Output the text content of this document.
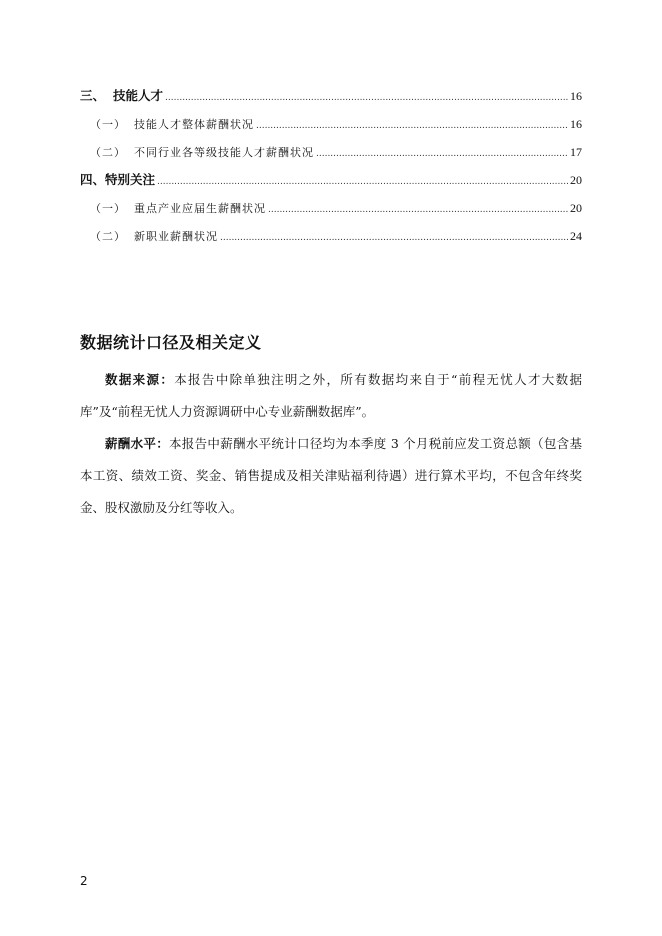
三、 技能人才 .....	16
（一） 技能人才整体薪酬状况 .....	16
（二） 不同行业各等级技能人才薪酬状况 .....	17
四、特别关注 .....	20
（一） 重点产业应届生薪酬状况 .....	20
（二） 新职业薪酬状况 .....	24
数据统计口径及相关定义
数据来源：本报告中除单独注明之外，所有数据均来自于“前程无忧人才大数据库”及“前程无忧人力资源调研中心专业薪酬数据库”。
薪酬水平：本报告中薪酬水平统计口径均为本季度 3 个月税前应发工资总额（包含基本工资、绩效工资、奖金、销售提成及相关津贴福利待遇）进行算术平均，不包含年终奖金、股权激励及分红等收入。
2
